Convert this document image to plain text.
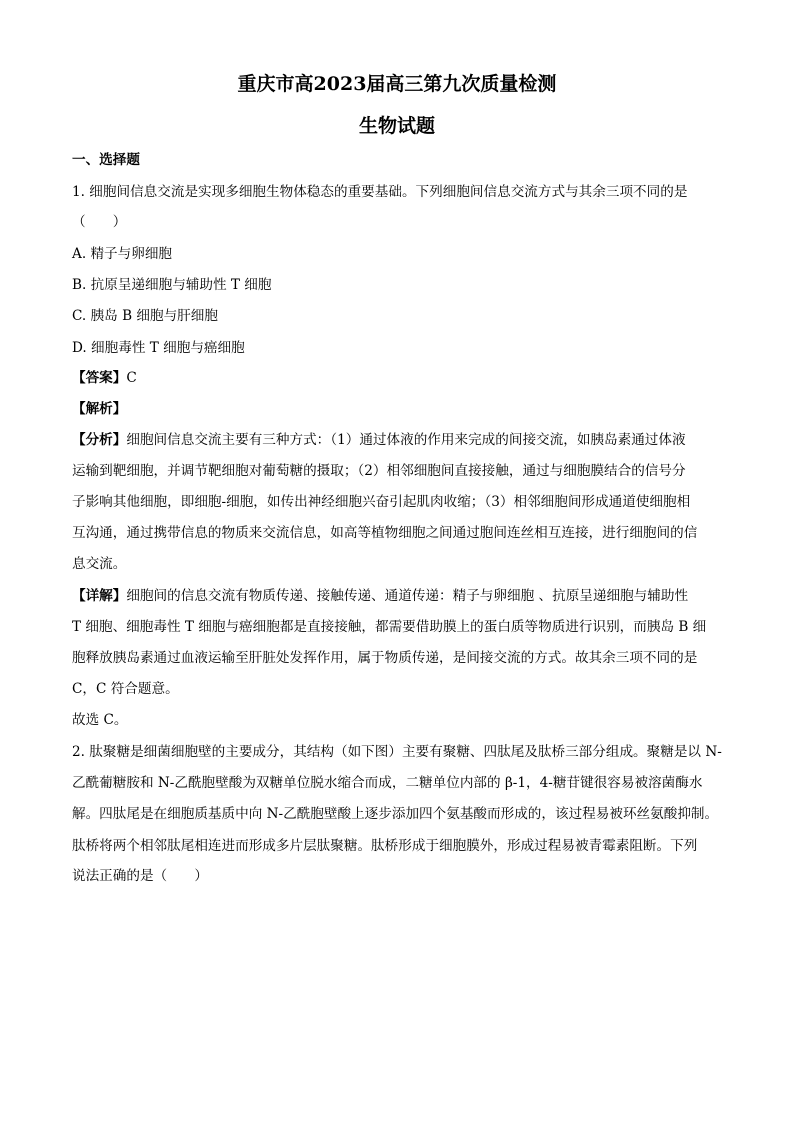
重庆市高2023届高三第九次质量检测
生物试题
一、选择题
1. 细胞间信息交流是实现多细胞生物体稳态的重要基础。下列细胞间信息交流方式与其余三项不同的是
（　　）
A. 精子与卵细胞
B. 抗原呈递细胞与辅助性 T 细胞
C. 胰岛 B 细胞与肝细胞
D. 细胞毒性 T 细胞与癌细胞
【答案】C
【解析】
【分析】细胞间信息交流主要有三种方式：（1）通过体液的作用来完成的间接交流，如胰岛素通过体液
运输到靶细胞，并调节靶细胞对葡萄糖的摄取；（2）相邻细胞间直接接触，通过与细胞膜结合的信号分
子影响其他细胞，即细胞-细胞，如传出神经细胞兴奋引起肌肉收缩；（3）相邻细胞间形成通道使细胞相
互沟通，通过携带信息的物质来交流信息，如高等植物细胞之间通过胞间连丝相互连接，进行细胞间的信
息交流。
【详解】细胞间的信息交流有物质传递、接触传递、通道传递：精子与卵细胞 、抗原呈递细胞与辅助性
T 细胞、细胞毒性 T 细胞与癌细胞都是直接接触，都需要借助膜上的蛋白质等物质进行识别，而胰岛 B 细
胞释放胰岛素通过血液运输至肝脏处发挥作用，属于物质传递，是间接交流的方式。故其余三项不同的是
C，C 符合题意。
故选 C。
2. 肽聚糖是细菌细胞壁的主要成分，其结构（如下图）主要有聚糖、四肽尾及肽桥三部分组成。聚糖是以 N-
乙酰葡糖胺和 N-乙酰胞壁酸为双糖单位脱水缩合而成，二糖单位内部的 β-1，4-糖苷键很容易被溶菌酶水
解。四肽尾是在细胞质基质中向 N-乙酰胞壁酸上逐步添加四个氨基酸而形成的，该过程易被环丝氨酸抑制。
肽桥将两个相邻肽尾相连进而形成多片层肽聚糖。肽桥形成于细胞膜外，形成过程易被青霉素阻断。下列
说法正确的是（　　）
